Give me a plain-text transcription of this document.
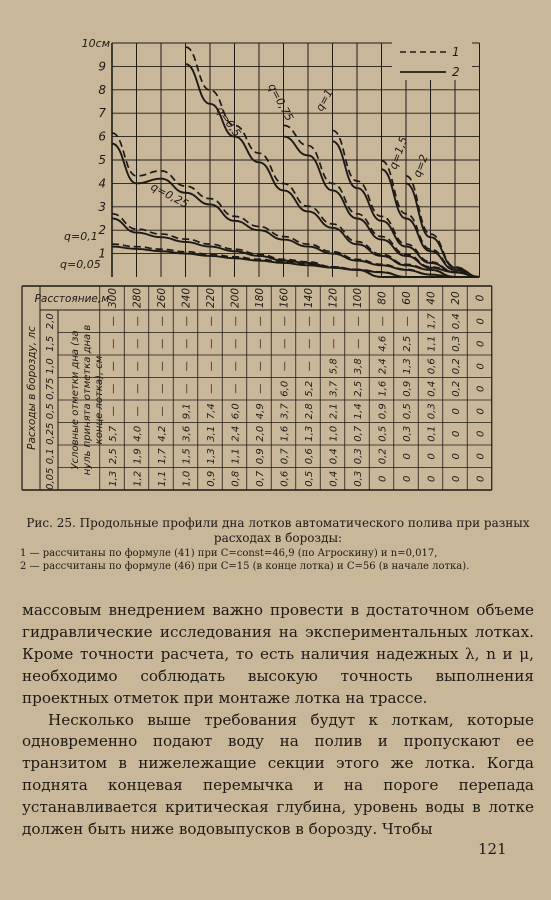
1
2
3
4
5
6
7
8
9
10см
q=0,05
q=0,1
q=0,25
q=0,5 q=0,75 q=1
q=1,5 q=2
1
2
Расстояние,м
300 280 260 240 220 200 180 160 140 120 100 80 60 40 20 0
Расходы в борозду, лс	Условные отметки дна (зануль принята отметка дна вконце лотка), см
2,0	— — — — — — — — — — — — — 1,7 0,4 0
1,5	— — — — — — — — — — — 4,6 2,5 1,1 0,3 0
1,0	— — — — — — — — — 5,8 3,8 2,4 1,3 0,6 0,2 0
0,75	— — — — — — — 6,0 5,2 3,7 2,5 1,6 0,9 0,4 0,2 0
0,5	— — — 9,1 7,4 6,0 4,9 3,7 2,8 2,1 1,4 0,9 0,5 0,3 0 0
0,25	5,7 4,0 4,2 3,6 3,1 2,4 2,0 1,6 1,3 1,0 0,7 0,5 0,3 0,1 0 0
0,1	2,5 1,9 1,7 1,5 1,3 1,1 0,9 0,7 0,6 0,4 0,3 0,2 0 0 0 0
0,05	1,3 1,2 1,1 1,0 0,9 0,8 0,7 0,6 0,5 0,4 0,3 0 0 0 0 0
Рис. 25. Продольные профили дна лотков автоматического полива при разных расходах в борозды:
1 — рассчитаны по формуле (41) при C=const=46,9 (по Агроскину) и n=0,017,
2 — рассчитаны по формуле (46) при C=15 (в конце лотка) и C=56 (в начале лотка).

массовым внедрением важно провести в достаточном объеме гидравлические исследования на экспериментальных лотках. Кроме точности расчета, то есть наличия надежных λ, n и μ, необходимо соблюдать высокую точность выполнения проектных отметок при монтаже лотка на трассе.

Несколько выше требования будут к лоткам, которые одновременно подают воду на полив и пропускают ее транзитом в нижележащие секции этого же лотка. Когда поднята концевая перемычка и на пороге перепада устанавливается критическая глубина, уровень воды в лотке должен быть ниже водовыпусков в борозду. Чтобы

121
